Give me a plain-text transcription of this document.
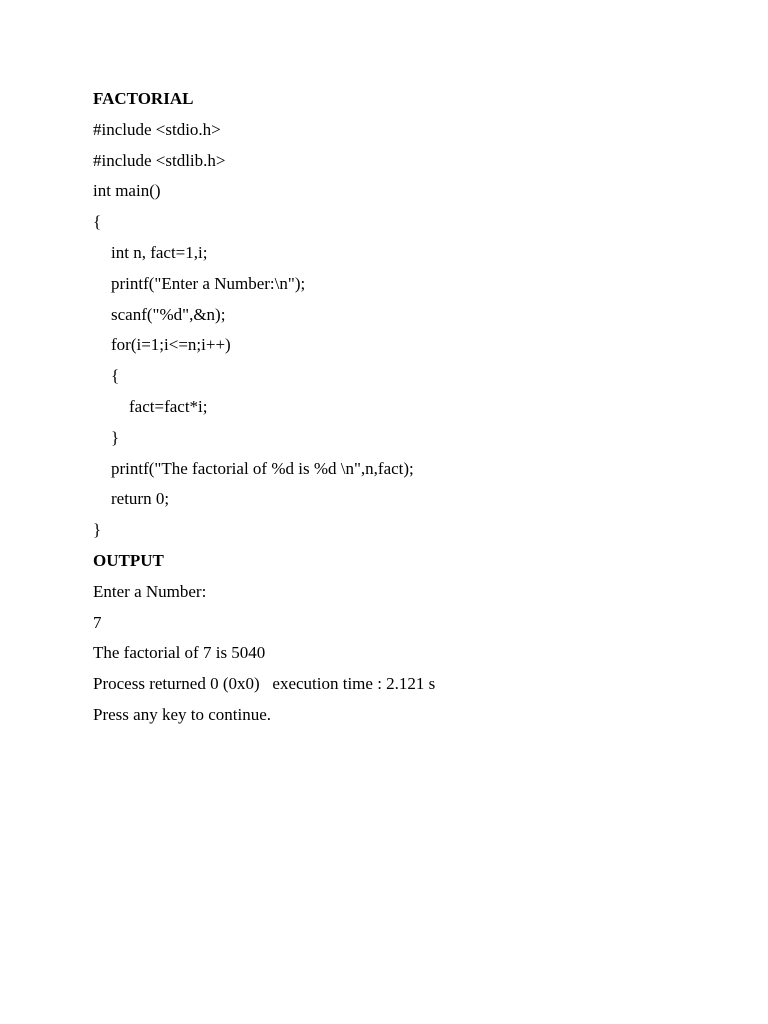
FACTORIAL
#include <stdio.h>
#include <stdlib.h>
int main()
{
int n, fact=1,i;
printf("Enter a Number:\n");
scanf("%d",&n);
for(i=1;i<=n;i++)
{
fact=fact*i;
}
printf("The factorial of %d is %d \n",n,fact);
return 0;
}
OUTPUT
Enter a Number:
7
The factorial of 7 is 5040
Process returned 0 (0x0)   execution time : 2.121 s
Press any key to continue.
